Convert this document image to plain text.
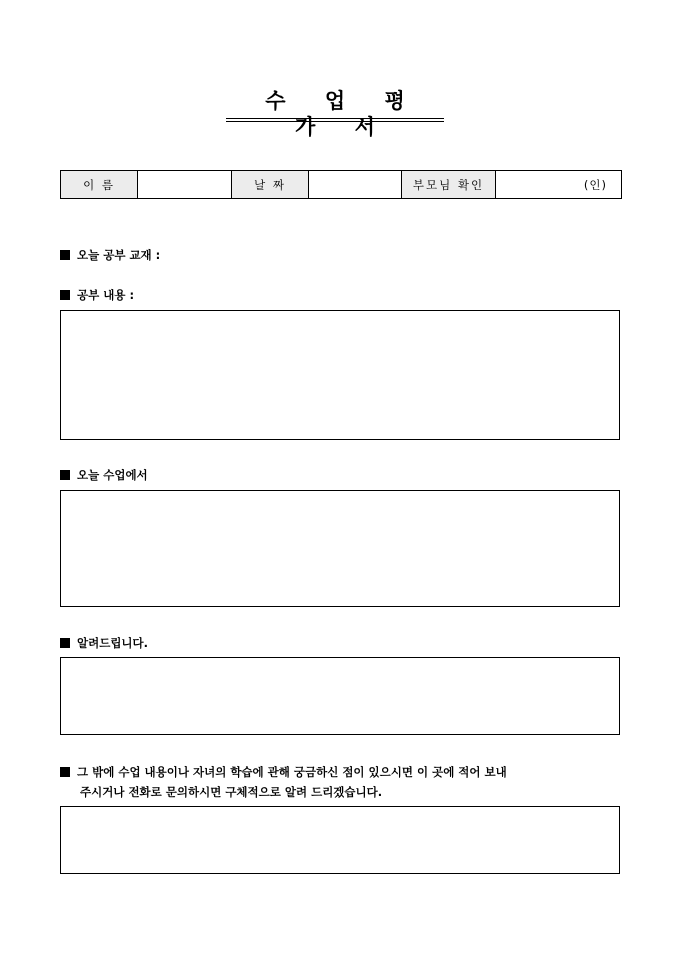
수 업 평 가 서
이 름		날 짜		부모님 확인	(인)
오늘 공부 교재 :
공부 내용 :
오늘 수업에서
알려드립니다.
그 밖에 수업 내용이나 자녀의 학습에 관해 궁금하신 점이 있으시면 이 곳에 적어 보내
주시거나 전화로 문의하시면 구체적으로 알려 드리겠습니다.
